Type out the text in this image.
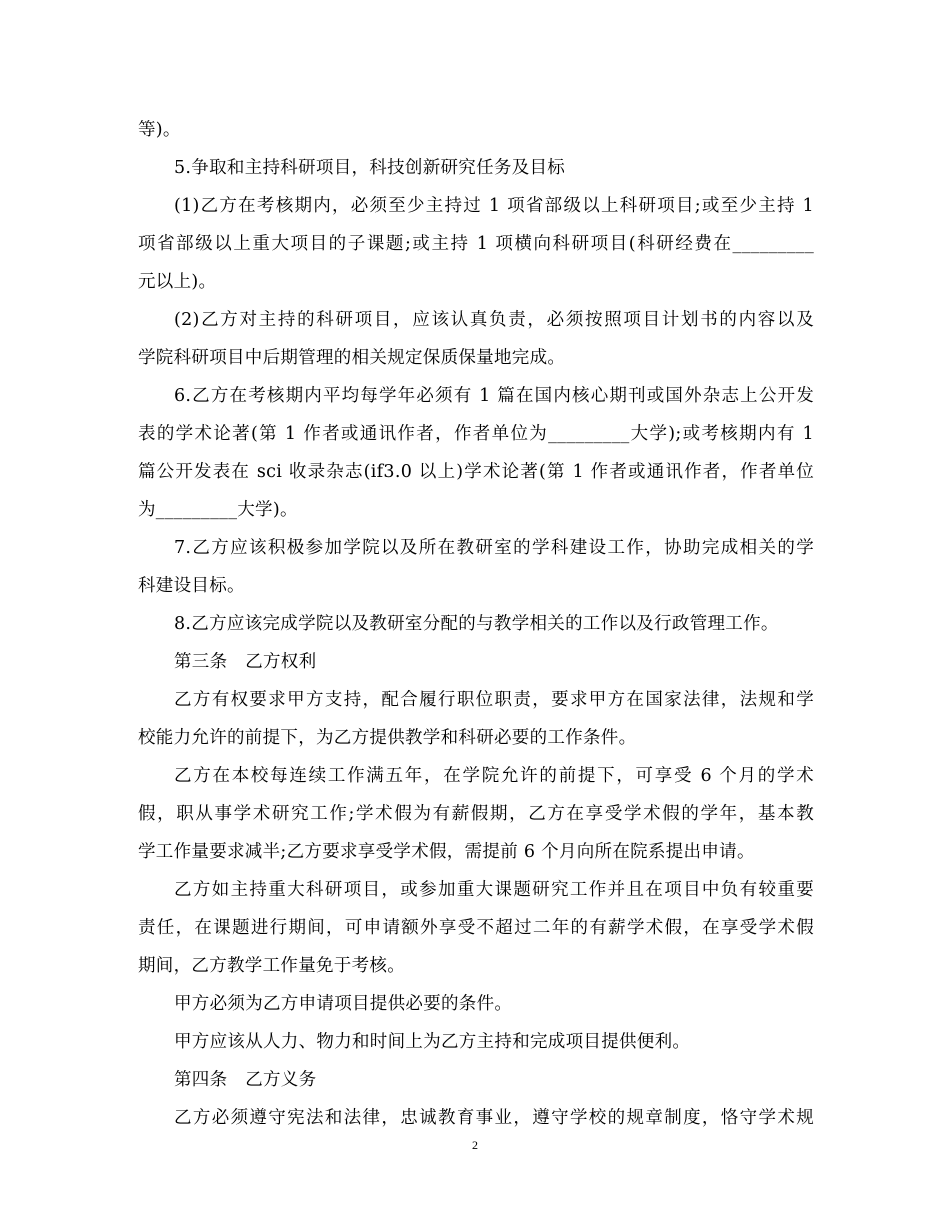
等)。
5.争取和主持科研项目，科技创新研究任务及目标
(1)乙方在考核期内，必须至少主持过 1 项省部级以上科研项目;或至少主持 1
项省部级以上重大项目的子课题;或主持 1 项横向科研项目(科研经费在_________
元以上)。
(2)乙方对主持的科研项目，应该认真负责，必须按照项目计划书的内容以及
学院科研项目中后期管理的相关规定保质保量地完成。
6.乙方在考核期内平均每学年必须有 1 篇在国内核心期刊或国外杂志上公开发
表的学术论著(第 1 作者或通讯作者，作者单位为_________大学);或考核期内有 1
篇公开发表在 sci 收录杂志(if3.0 以上)学术论著(第 1 作者或通讯作者，作者单位
为_________大学)。
7.乙方应该积极参加学院以及所在教研室的学科建设工作，协助完成相关的学
科建设目标。
8.乙方应该完成学院以及教研室分配的与教学相关的工作以及行政管理工作。
第三条　乙方权利
乙方有权要求甲方支持，配合履行职位职责，要求甲方在国家法律，法规和学
校能力允许的前提下，为乙方提供教学和科研必要的工作条件。
乙方在本校每连续工作满五年，在学院允许的前提下，可享受 6 个月的学术
假，职从事学术研究工作;学术假为有薪假期，乙方在享受学术假的学年，基本教
学工作量要求减半;乙方要求享受学术假，需提前 6 个月向所在院系提出申请。
乙方如主持重大科研项目，或参加重大课题研究工作并且在项目中负有较重要
责任，在课题进行期间，可申请额外享受不超过二年的有薪学术假，在享受学术假
期间，乙方教学工作量免于考核。
甲方必须为乙方申请项目提供必要的条件。
甲方应该从人力、物力和时间上为乙方主持和完成项目提供便利。
第四条　乙方义务
乙方必须遵守宪法和法律，忠诚教育事业，遵守学校的规章制度，恪守学术规
2
